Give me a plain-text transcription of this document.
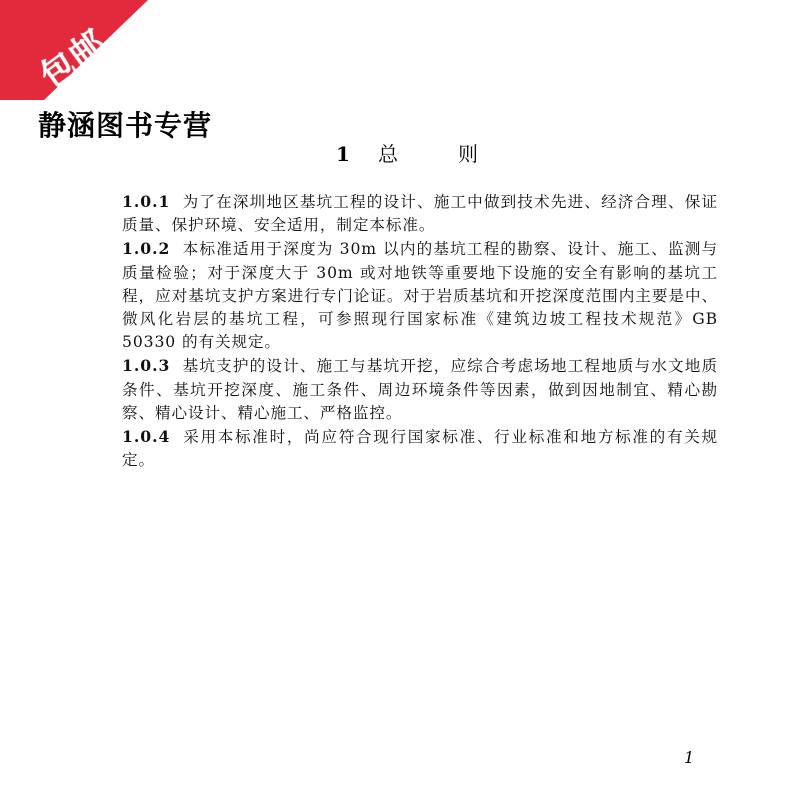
包邮
静涵图书专营
1 总	则

1.0.1 为了在深圳地区基坑工程的设计、施工中做到技术先进、经济合理、保证质量、保护环境、安全适用，制定本标准。

1.0.2 本标准适用于深度为 30m 以内的基坑工程的勘察、设计、施工、监测与质量检验；对于深度大于 30m 或对地铁等重要地下设施的安全有影响的基坑工程，应对基坑支护方案进行专门论证。对于岩质基坑和开挖深度范围内主要是中、微风化岩层的基坑工程，可参照现行国家标准《建筑边坡工程技术规范》GB 50330 的有关规定。

1.0.3 基坑支护的设计、施工与基坑开挖，应综合考虑场地工程地质与水文地质条件、基坑开挖深度、施工条件、周边环境条件等因素，做到因地制宜、精心勘察、精心设计、精心施工、严格监控。

1.0.4 采用本标准时，尚应符合现行国家标准、行业标准和地方标准的有关规定。

1
